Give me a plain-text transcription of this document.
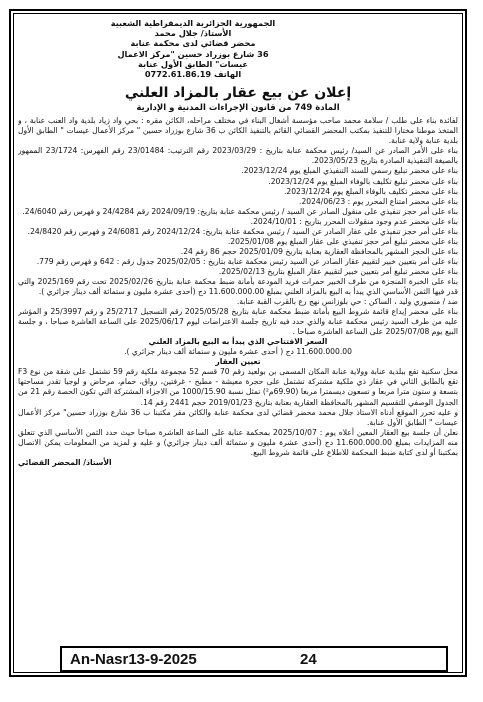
الجمهورية الجزائرية الديمقراطية الشعبية
الأستاذ/ جلال محمد
محضر قضائي لدى محكمة عنابة
36 شارع بوزراد حسين "مركز الاعمال
عيسات" الطابق الأول عنابة
الهاتف 0772.61.86.19
إعلان عن بيع عقار بالمزاد العلني
المادة 749 من قانون الإجراءات المدنية و الإدارية

لفائدة بناء على طلب / سلامة محمد صاحب مؤسسة أشغال البناء في مختلف مراحله، الكائن مقره : بحي واد زياد بلدية واد العنب عنابة ، و المتخذ موطنا مختارا للتنفيذ بمكتب المحضر القضائي القائم بالتنفيذ الكائن ب 36 شارع بوزراد حسين " مركز الأعمال عيسات " الطابق الأول بلدية عنابة ولاية عنابة.

بناء على الأمر الصادر عن السيد/ رئيس محكمة عنابة بتاريخ : 2023/03/29 رقم الترتيب: 23/01484 رقم الفهرس: 23/1724 الممهور بالصيغة التنفيذية الصادرة بتاريخ 2023/05/23.

بناء على محضر تبليغ رسمي للسند التنفيذي المبلغ يوم 2023/12/24.

بناء على محضر تبليغ تكليف بالوفاء المبلغ يوم 2023/12/24.

بناء على محضر تكليف بالوفاء المبلغ يوم 2023/12/24.

بناء على محضر امتناع المحرر يوم : 2024/06/23.

بناء على أمر حجز تنفيذي على منقول الصادر عن السيد / رئيس محكمة عنابة بتاريخ: 2024/09/19 رقم 24/4284 و فهرس رقم 24/6040.

بناء على محضر عدم وجود منقولات المحرر بتاريخ : 2024/10/01.

بناء على أمر حجز تنفيذي على عقار الصادر عن السيد / رئيس محكمة عنابة بتاريخ: 2024/12/24 رقم 24/6081 و فهرس رقم 24/8420.

بناء على محضر تبليغ أمر حجز تنفيذي على عقار المبلغ يوم 2025/01/08.

بناء على الحجز المشهر بالمحافظة العقارية بعنابة بتاريخ 2025/01/09 حجم 86 رقم 24.

بناء على أمر بتعيين خبير لتقييم عقار الصادر عن السيد رئيس محكمة عنابة بتاريخ : 2025/02/05 جدول رقم : 642 و فهرس رقم 779.

بناء على محضر تبليغ أمر بتعيين خبير لتقييم عقار المبلغ بتاريخ 2025/02/13.

بناء على الخبرة المنجزة من طرف الخبير حمرات فريد المودعة بأمانة ضبط محكمة عنابة بتاريخ 2025/02/26 تحت رقم 2025/169 والتي قدر فيها الثمن الأساسي الذي يبدأ به البيع بالمزاد العلني بمبلغ 11.600.000.00 دج (أحدى عشرة مليون و ستمائة ألف دينار جزائري ).

ضد / منصوري وليد ، الساكن : حي بلوزانس نهج رع بالقرب القبة عنابة.

بناء على محضر إيداع قائمة شروط البيع بأمانة ضبط محكمة عنابة بتاريخ 2025/05/28 رقم التسجيل 25/2717 و رقم 25/3997 و المؤشر عليه من طرف السيد رئيس محكمة عنابة والذي حدد فيه تاريخ جلسة الاعتراضات ليوم 2025/06/17 على الساعة العاشرة صباحا ، و جلسة البيع يوم 2025/07/08 على الساعة العاشرة صباحا .

السعر الافتتاحي الذي يبدأ به البيع بالمزاد العلني

11.600.000.00 دج ( أحدى عشرة مليون و ستمائة ألف دينار جزائري ).

تعيين العقار

محل سكنية تقع ببلدية عنابة وولاية عنابة المكان المسمى بن بولعيد رقم 70 قسم 52 مجموعة ملكية رقم 59 تشتمل على شقة من نوع F3 تقع بالطابق الثاني في عقار ذي ملكية مشتركة تشتمل على حجرة معيشة - مطبخ - غرفتين، رواق، حمام، مرحاض و لوجيا تقدر مساحتها بتسعة و ستون مترا مربعا و تسعون ديسمترا مربعا (69.90م²) تمثل نسبة 1000/15.90 من الاجزاء المشتركة التي تكون الحصة رقم 21 من الجدول الوصفي للتقسيم المشهر بالمحافظة العقارية بعنابة بتاريخ 2019/01/23 حجم 2441 رقم 14.

و عليه تحرر الموقع أدناه الاستاذ جلال محمد محضر قضائي لدى محكمة عنابة والكائن مقر مكتبنا ب 36 شارع بوزراد حسين" مركز الأعمال عيسات " الطابق الأول عنابة.

نعلن أن جلسة بيع العقار المعين أعلاه يوم : 2025/10/07 بمحكمة عنابة على الساعة العاشرة صباحا حيث حدد الثمن الأساسي الذي تتعلق منه المزايدات بمبلغ 11.600.000.00 دج (أحدى عشرة مليون و ستمائة ألف دينار جزائري) و عليه و لمزيد من المعلومات يمكن الاتصال بمكتبنا أو لدى كتابة ضبط المحكمة للاطلاع على قائمة شروط البيع.

الأستاذ/ المحضر القضائي
An-Nasr13-9-2025	24
